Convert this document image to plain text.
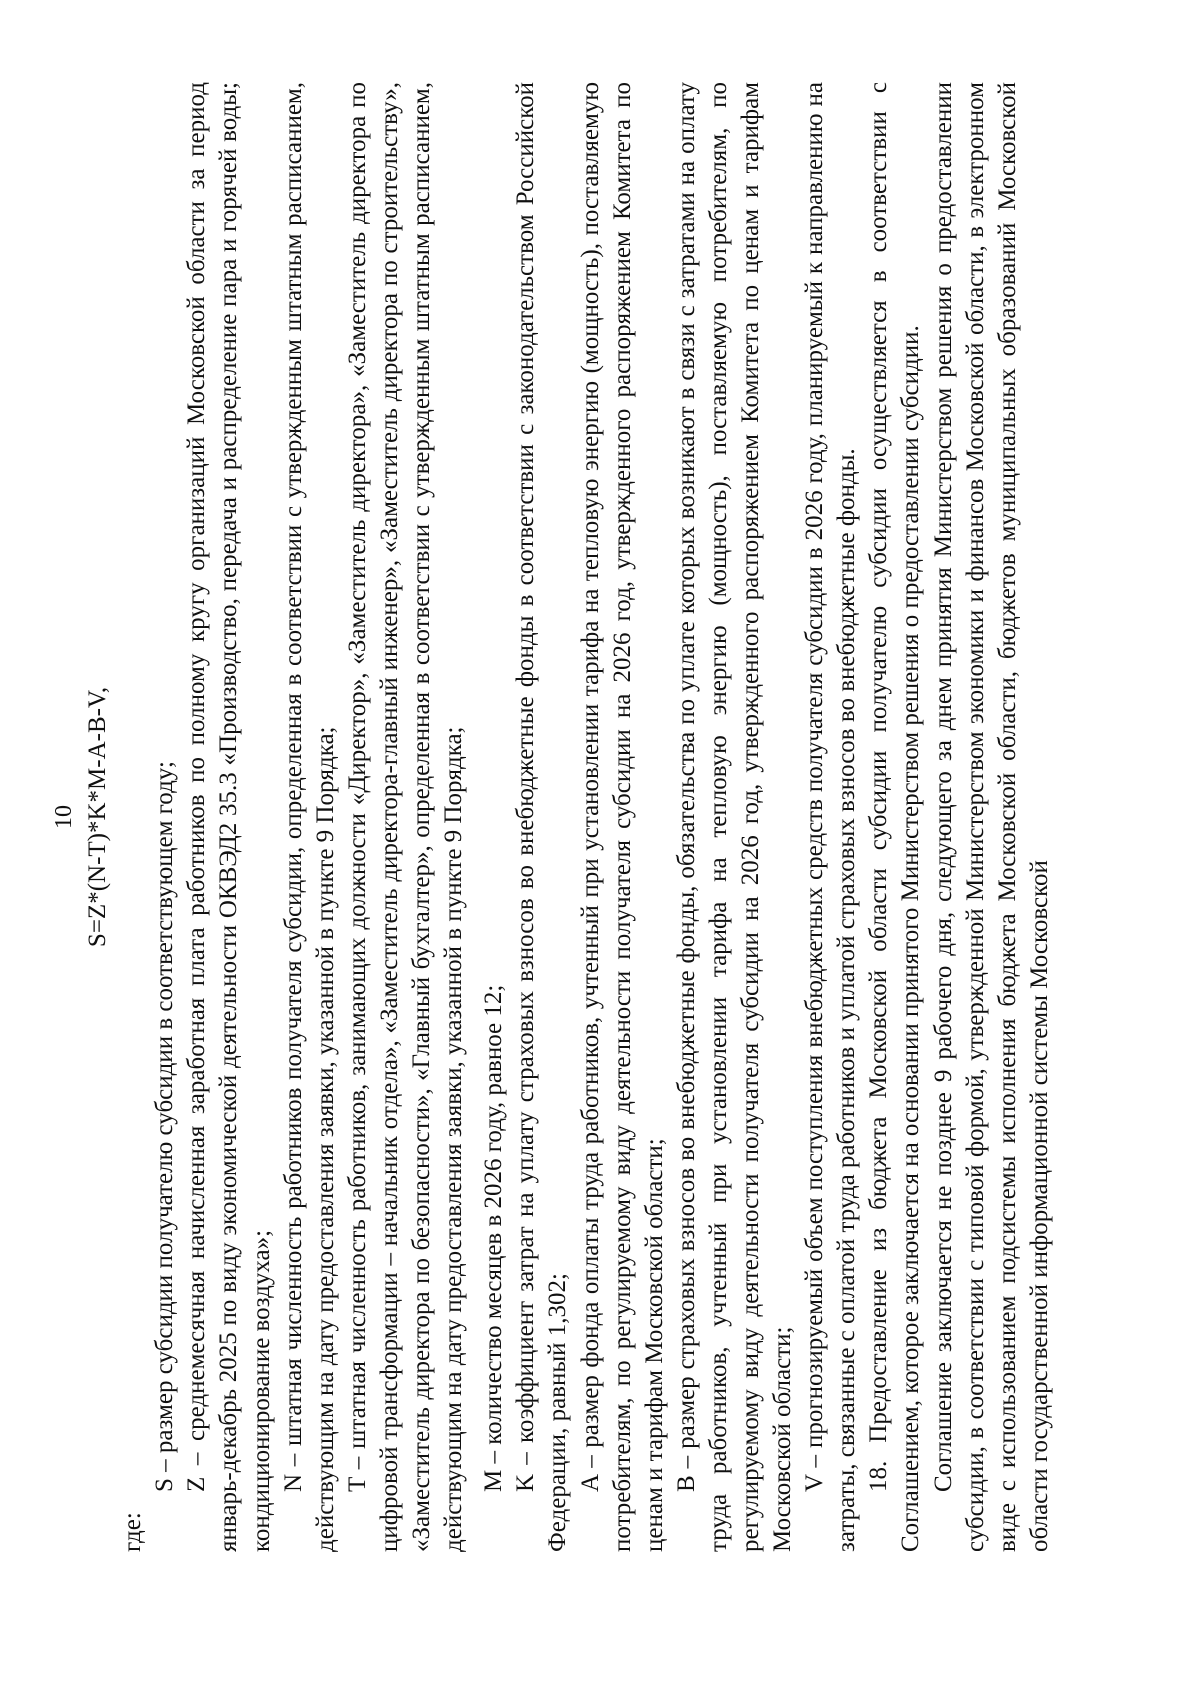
10 S=Z*(N-T)*K*M-A-B-V,

где:

S – размер субсидии получателю субсидии в соответствующем году; Z – среднемесячная начисленная заработная плата работников по полному кругу организаций Московской области за период январь-декабрь 2025 по виду экономической деятельности ОКВЭД2 35.3 «Производство, передача и распределение пара и горячей воды; кондиционирование воздуха»; N – штатная численность работников получателя субсидии, определенная в соответствии с утвержденным штатным расписанием, действующим на дату предоставления заявки, указанной в пункте 9 Порядка; T – штатная численность работников, занимающих должности «Директор», «Заместитель директора», «Заместитель директора по цифровой трансформации – начальник отдела», «Заместитель директора-главный инженер», «Заместитель директора по строительству», «Заместитель директора по безопасности», «Главный бухгалтер», определенная в соответствии с утвержденным штатным расписанием, действующим на дату предоставления заявки, указанной в пункте 9 Порядка; M – количество месяцев в 2026 году, равное 12; K – коэффициент затрат на уплату страховых взносов во внебюджетные фонды в соответствии с законодательством Российской Федерации, равный 1,302; A – размер фонда оплаты труда работников, учтенный при установлении тарифа на тепловую энергию (мощность), поставляемую потребителям, по регулируемому виду деятельности получателя субсидии на 2026 год, утвержденного распоряжением Комитета по ценам и тарифам Московской области; B – размер страховых взносов во внебюджетные фонды, обязательства по уплате которых возникают в связи с затратами на оплату труда работников, учтенный при установлении тарифа на тепловую энергию (мощность), поставляемую потребителям, по регулируемому виду деятельности получателя субсидии на 2026 год, утвержденного распоряжением Комитета по ценам и тарифам Московской области; V – прогнозируемый объем поступления внебюджетных средств получателя субсидии в 2026 году, планируемый к направлению на затраты, связанные с оплатой труда работников и уплатой страховых взносов во внебюджетные фонды. 18. Предоставление из бюджета Московской области субсидии получателю субсидии осуществляется в соответствии с Соглашением, которое заключается на основании принятого Министерством решения о предоставлении субсидии. Соглашение заключается не позднее 9 рабочего дня, следующего за днем принятия Министерством решения о предоставлении субсидии, в соответствии с типовой формой, утвержденной Министерством экономики и финансов Московской области, в электронном виде с использованием подсистемы исполнения бюджета Московской области, бюджетов муниципальных образований Московской области государственной информационной системы Московской
